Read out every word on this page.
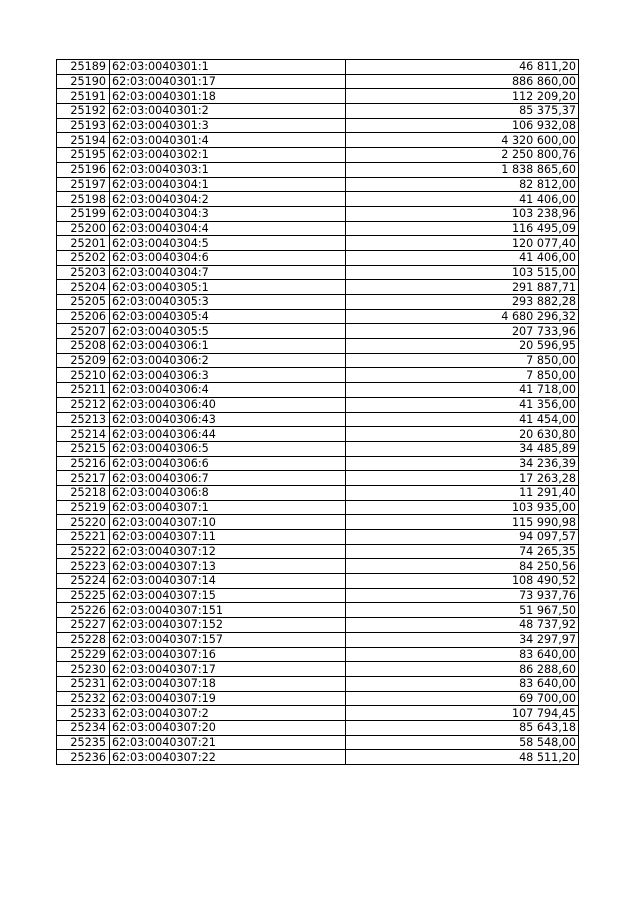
25189	62:03:0040301:1	46 811,20
25190	62:03:0040301:17	886 860,00
25191	62:03:0040301:18	112 209,20
25192	62:03:0040301:2	85 375,37
25193	62:03:0040301:3	106 932,08
25194	62:03:0040301:4	4 320 600,00
25195	62:03:0040302:1	2 250 800,76
25196	62:03:0040303:1	1 838 865,60
25197	62:03:0040304:1	82 812,00
25198	62:03:0040304:2	41 406,00
25199	62:03:0040304:3	103 238,96
25200	62:03:0040304:4	116 495,09
25201	62:03:0040304:5	120 077,40
25202	62:03:0040304:6	41 406,00
25203	62:03:0040304:7	103 515,00
25204	62:03:0040305:1	291 887,71
25205	62:03:0040305:3	293 882,28
25206	62:03:0040305:4	4 680 296,32
25207	62:03:0040305:5	207 733,96
25208	62:03:0040306:1	20 596,95
25209	62:03:0040306:2	7 850,00
25210	62:03:0040306:3	7 850,00
25211	62:03:0040306:4	41 718,00
25212	62:03:0040306:40	41 356,00
25213	62:03:0040306:43	41 454,00
25214	62:03:0040306:44	20 630,80
25215	62:03:0040306:5	34 485,89
25216	62:03:0040306:6	34 236,39
25217	62:03:0040306:7	17 263,28
25218	62:03:0040306:8	11 291,40
25219	62:03:0040307:1	103 935,00
25220	62:03:0040307:10	115 990,98
25221	62:03:0040307:11	94 097,57
25222	62:03:0040307:12	74 265,35
25223	62:03:0040307:13	84 250,56
25224	62:03:0040307:14	108 490,52
25225	62:03:0040307:15	73 937,76
25226	62:03:0040307:151	51 967,50
25227	62:03:0040307:152	48 737,92
25228	62:03:0040307:157	34 297,97
25229	62:03:0040307:16	83 640,00
25230	62:03:0040307:17	86 288,60
25231	62:03:0040307:18	83 640,00
25232	62:03:0040307:19	69 700,00
25233	62:03:0040307:2	107 794,45
25234	62:03:0040307:20	85 643,18
25235	62:03:0040307:21	58 548,00
25236	62:03:0040307:22	48 511,20
